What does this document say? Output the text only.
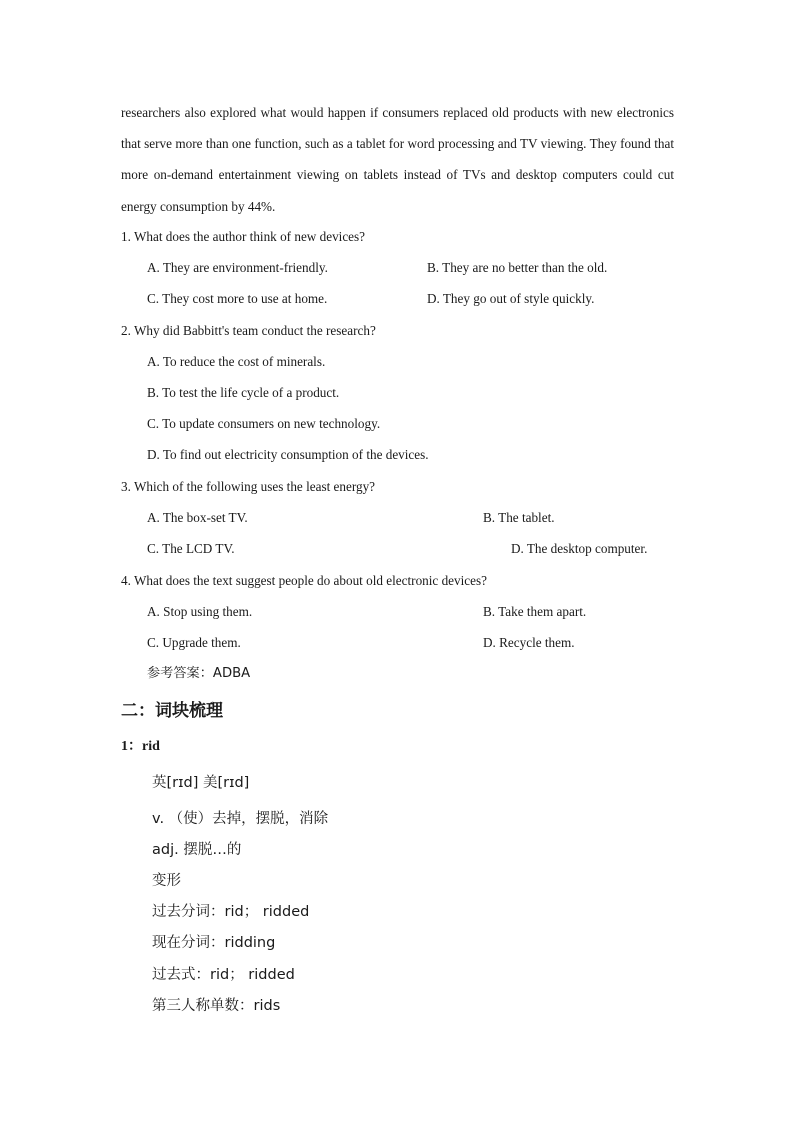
researchers also explored what would happen if consumers replaced old products with new electronics that serve more than one function, such as a tablet for word processing and TV viewing. They found that more on-demand entertainment viewing on tablets instead of TVs and desktop computers could cut energy consumption by 44%.

1. What does the author think of new devices?
A. They are environment-friendly.	B. They are no better than the old.
C. They cost more to use at home.	D. They go out of style quickly.
2. Why did Babbitt's team conduct the research?
A. To reduce the cost of minerals.
B. To test the life cycle of a product.
C. To update consumers on new technology.
D. To find out electricity consumption of the devices.
3. Which of the following uses the least energy?
A. The box-set TV.	B. The tablet.
C. The LCD TV.	D. The desktop computer.
4. What does the text suggest people do about old electronic devices?
A. Stop using them.	B. Take them apart.
C. Upgrade them.	D. Recycle them.
参考答案：ADBA
二：词块梳理
1：rid
英[rɪd] 美[rɪd]
v. （使）去掉，摆脱，消除
adj. 摆脱…的
变形
过去分词：rid； ridded
现在分词：ridding
过去式：rid； ridded
第三人称单数：rids
